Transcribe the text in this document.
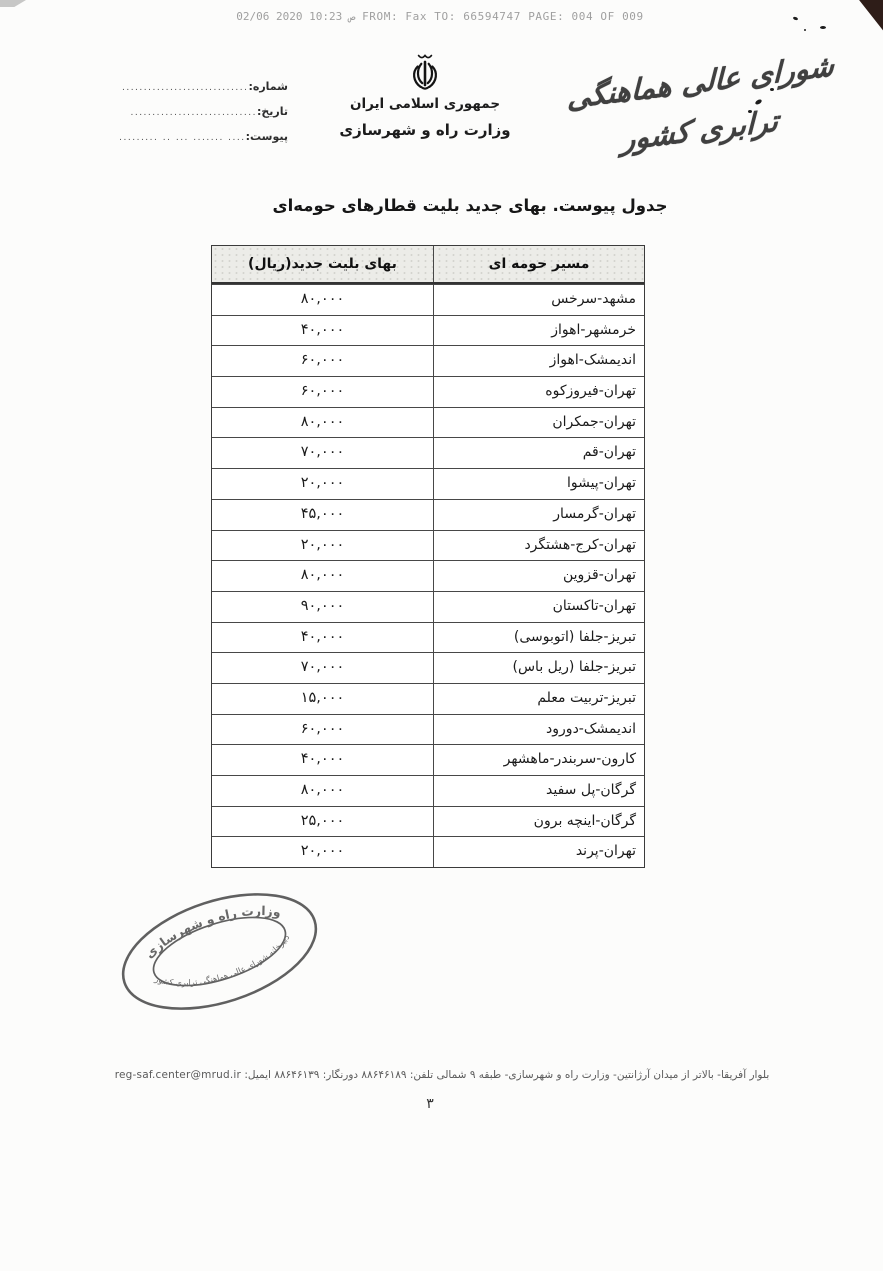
02/06 2020 ص 10:23 FROM: Fax TO: 66594747 PAGE: 004 OF 009
جمهوری اسلامی ایران
وزارت راه و شهرسازی
شورای عالی هماهنگی ترابری کشور
شماره:
.............................
تاریخ:
.............................
پیوست:
.... ....... ... .. .........
جدول پیوست. بهای جدید بلیت قطارهای حومه‌ای
بهای بلیت جدید(ریال)	مسیر حومه ای
۸۰,۰۰۰	مشهد-سرخس
۴۰,۰۰۰	خرمشهر-اهواز
۶۰,۰۰۰	اندیمشک-اهواز
۶۰,۰۰۰	تهران-فیروزکوه
۸۰,۰۰۰	تهران-جمکران
۷۰,۰۰۰	تهران-قم
۲۰,۰۰۰	تهران-پیشوا
۴۵,۰۰۰	تهران-گرمسار
۲۰,۰۰۰	تهران-کرج-هشتگرد
۸۰,۰۰۰	تهران-قزوین
۹۰,۰۰۰	تهران-تاکستان
۴۰,۰۰۰	تبریز-جلفا (اتوبوسی)
۷۰,۰۰۰	تبریز-جلفا (ریل باس)
۱۵,۰۰۰	تبریز-تربیت معلم
۶۰,۰۰۰	اندیمشک-دورود
۴۰,۰۰۰	کارون-سربندر-ماهشهر
۸۰,۰۰۰	گرگان-پل سفید
۲۵,۰۰۰	گرگان-اینچه برون
۲۰,۰۰۰	تهران-پرند
وزارت راه و شهرسازی
دبیرخانه شورای عالی هماهنگی ترابری کشور
بلوار آفریقا- بالاتر از میدان آرژانتین- وزارت راه و شهرسازی- طبقه ۹ شمالی تلفن: ۸۸۶۴۶۱۸۹ دورنگار: ۸۸۶۴۶۱۳۹ ایمیل: reg-saf.center@mrud.ir
۳
